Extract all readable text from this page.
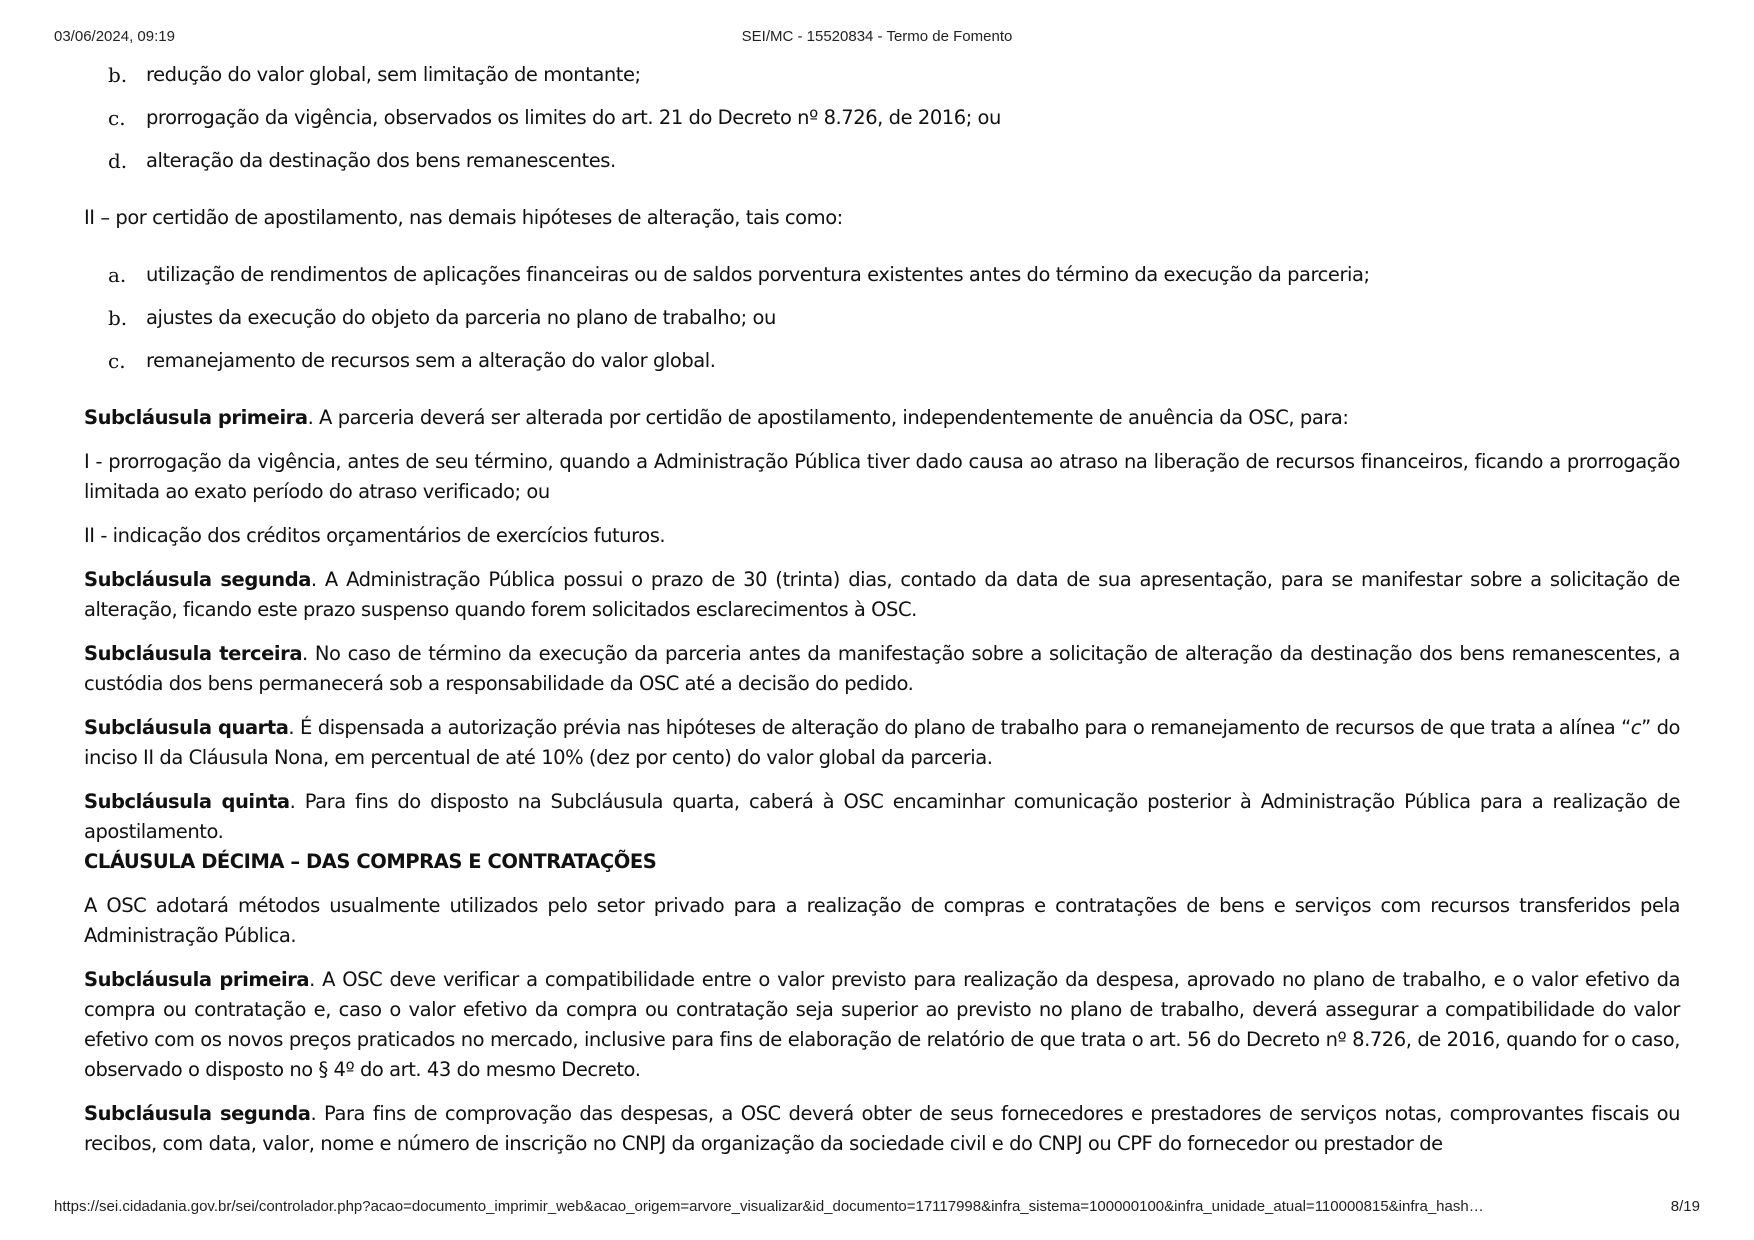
03/06/2024, 09:19	SEI/MC - 15520834 - Termo de Fomento
b. redução do valor global, sem limitação de montante;
c. prorrogação da vigência, observados os limites do art. 21 do Decreto nº 8.726, de 2016; ou
d. alteração da destinação dos bens remanescentes.

II – por certidão de apostilamento, nas demais hipóteses de alteração, tais como:

a. utilização de rendimentos de aplicações financeiras ou de saldos porventura existentes antes do término da execução da parceria;
b. ajustes da execução do objeto da parceria no plano de trabalho; ou
c. remanejamento de recursos sem a alteração do valor global.

Subcláusula primeira. A parceria deverá ser alterada por certidão de apostilamento, independentemente de anuência da OSC, para:

I - prorrogação da vigência, antes de seu término, quando a Administração Pública tiver dado causa ao atraso na liberação de recursos financeiros, ficando a prorrogação limitada ao exato período do atraso verificado; ou

II - indicação dos créditos orçamentários de exercícios futuros.

Subcláusula segunda. A Administração Pública possui o prazo de 30 (trinta) dias, contado da data de sua apresentação, para se manifestar sobre a solicitação de alteração, ficando este prazo suspenso quando forem solicitados esclarecimentos à OSC.

Subcláusula terceira. No caso de término da execução da parceria antes da manifestação sobre a solicitação de alteração da destinação dos bens remanescentes, a custódia dos bens permanecerá sob a responsabilidade da OSC até a decisão do pedido.

Subcláusula quarta. É dispensada a autorização prévia nas hipóteses de alteração do plano de trabalho para o remanejamento de recursos de que trata a alínea “c” do inciso II da Cláusula Nona, em percentual de até 10% (dez por cento) do valor global da parceria.

Subcláusula quinta. Para fins do disposto na Subcláusula quarta, caberá à OSC encaminhar comunicação posterior à Administração Pública para a realização de apostilamento.

CLÁUSULA DÉCIMA – DAS COMPRAS E CONTRATAÇÕES

A OSC adotará métodos usualmente utilizados pelo setor privado para a realização de compras e contratações de bens e serviços com recursos transferidos pela Administração Pública.

Subcláusula primeira. A OSC deve verificar a compatibilidade entre o valor previsto para realização da despesa, aprovado no plano de trabalho, e o valor efetivo da compra ou contratação e, caso o valor efetivo da compra ou contratação seja superior ao previsto no plano de trabalho, deverá assegurar a compatibilidade do valor efetivo com os novos preços praticados no mercado, inclusive para fins de elaboração de relatório de que trata o art. 56 do Decreto nº 8.726, de 2016, quando for o caso, observado o disposto no § 4º do art. 43 do mesmo Decreto.

Subcláusula segunda. Para fins de comprovação das despesas, a OSC deverá obter de seus fornecedores e prestadores de serviços notas, comprovantes fiscais ou recibos, com data, valor, nome e número de inscrição no CNPJ da organização da sociedade civil e do CNPJ ou CPF do fornecedor ou prestador de

https://sei.cidadania.gov.br/sei/controlador.php?acao=documento_imprimir_web&acao_origem=arvore_visualizar&id_documento=17117998&infra_sistema=100000100&infra_unidade_atual=110000815&infra_hash…	8/19
